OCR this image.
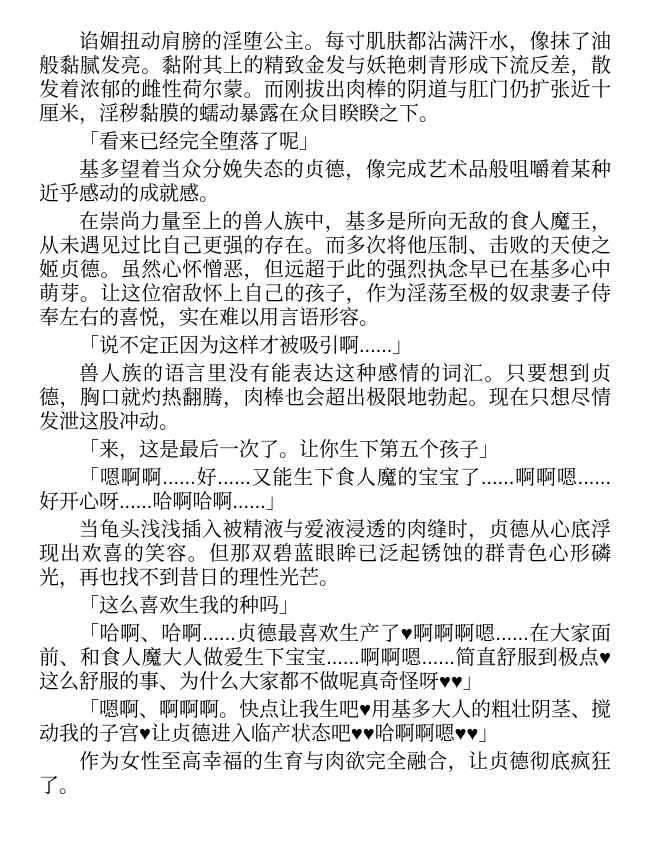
谄媚扭动肩膀的淫堕公主。每寸肌肤都沾满汗水，像抹了油般黏腻发亮。黏附其上的精致金发与妖艳刺青形成下流反差，散发着浓郁的雌性荷尔蒙。而刚拔出肉棒的阴道与肛门仍扩张近十厘米，淫秽黏膜的蠕动暴露在众目睽睽之下。

「看来已经完全堕落了呢」

基多望着当众分娩失态的贞德，像完成艺术品般咀嚼着某种近乎感动的成就感。

在崇尚力量至上的兽人族中，基多是所向无敌的食人魔王，从未遇见过比自己更强的存在。而多次将他压制、击败的天使之姬贞德。虽然心怀憎恶，但远超于此的强烈执念早已在基多心中萌芽。让这位宿敌怀上自己的孩子，作为淫荡至极的奴隶妻子侍奉左右的喜悦，实在难以用言语形容。

「说不定正因为这样才被吸引啊......」

兽人族的语言里没有能表达这种感情的词汇。只要想到贞德，胸口就灼热翻腾，肉棒也会超出极限地勃起。现在只想尽情发泄这股冲动。

「来，这是最后一次了。让你生下第五个孩子」

「嗯啊啊......好......又能生下食人魔的宝宝了......啊啊嗯......好开心呀......哈啊哈啊......」

当龟头浅浅插入被精液与爱液浸透的肉缝时，贞德从心底浮现出欢喜的笑容。但那双碧蓝眼眸已泛起锈蚀的群青色心形磷光，再也找不到昔日的理性光芒。

「这么喜欢生我的种吗」

「哈啊、哈啊......贞德最喜欢生产了♥啊啊啊嗯......在大家面前、和食人魔大人做爱生下宝宝......啊啊嗯......简直舒服到极点♥这么舒服的事、为什么大家都不做呢真奇怪呀♥♥」

「嗯啊、啊啊啊。快点让我生吧♥用基多大人的粗壮阴茎、搅动我的子宫♥让贞德进入临产状态吧♥♥哈啊啊嗯♥♥」

作为女性至高幸福的生育与肉欲完全融合，让贞德彻底疯狂了。
